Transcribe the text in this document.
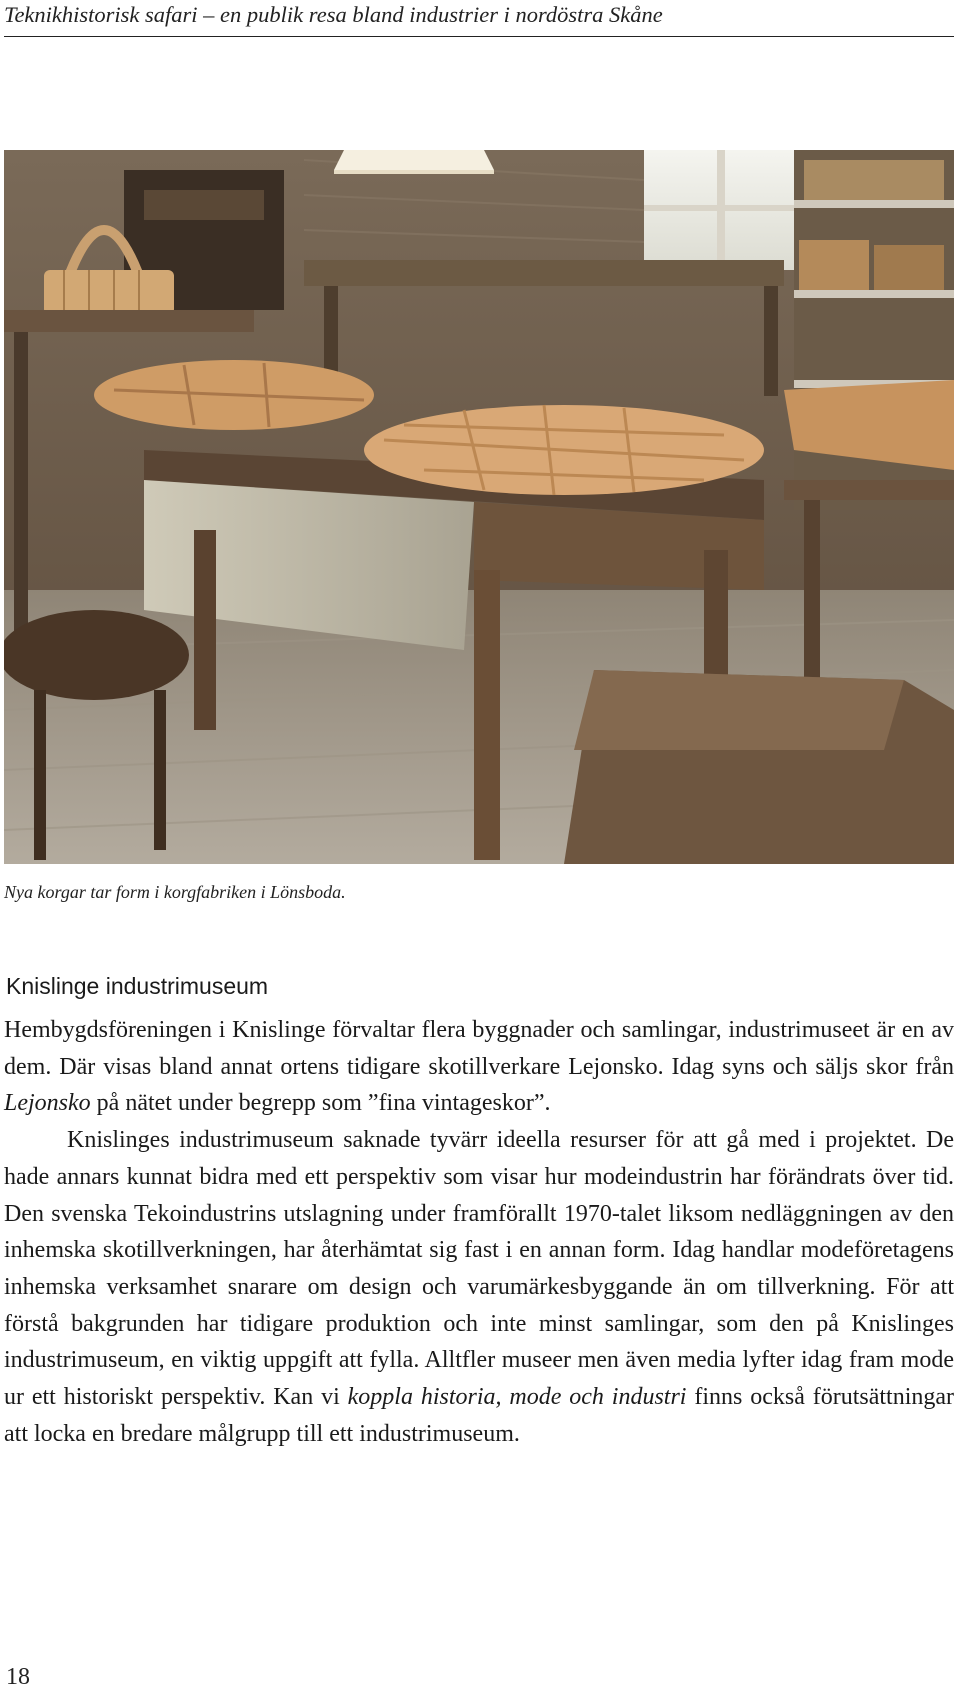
Teknikhistorisk safari – en publik resa bland industrier i nordöstra Skåne
Nya korgar tar form i korgfabriken i Lönsboda.
Knislinge industrimuseum

Hembygdsföreningen i Knislinge förvaltar flera byggnader och samlingar, industrimuseet är en av dem. Där visas bland annat ortens tidigare skotillverkare Lejonsko. Idag syns och säljs skor från Lejonsko på nätet under begrepp som ”fina vintageskor”.

Knislinges industrimuseum saknade tyvärr ideella resurser för att gå med i projektet. De hade annars kunnat bidra med ett perspektiv som visar hur modeindustrin har förändrats över tid. Den svenska Tekoindustrins utslagning under framförallt 1970-talet liksom nedläggningen av den inhemska skotillverkningen, har återhämtat sig fast i en annan form. Idag handlar modeföretagens inhemska verksamhet snarare om design och varumärkesbyggande än om tillverkning. För att förstå bakgrunden har tidigare produktion och inte minst samlingar, som den på Knislinges industrimuseum, en viktig uppgift att fylla. Alltfler museer men även media lyfter idag fram mode ur ett historiskt perspektiv. Kan vi koppla historia, mode och industri finns också förutsättningar att locka en bredare målgrupp till ett industrimuseum.

18
